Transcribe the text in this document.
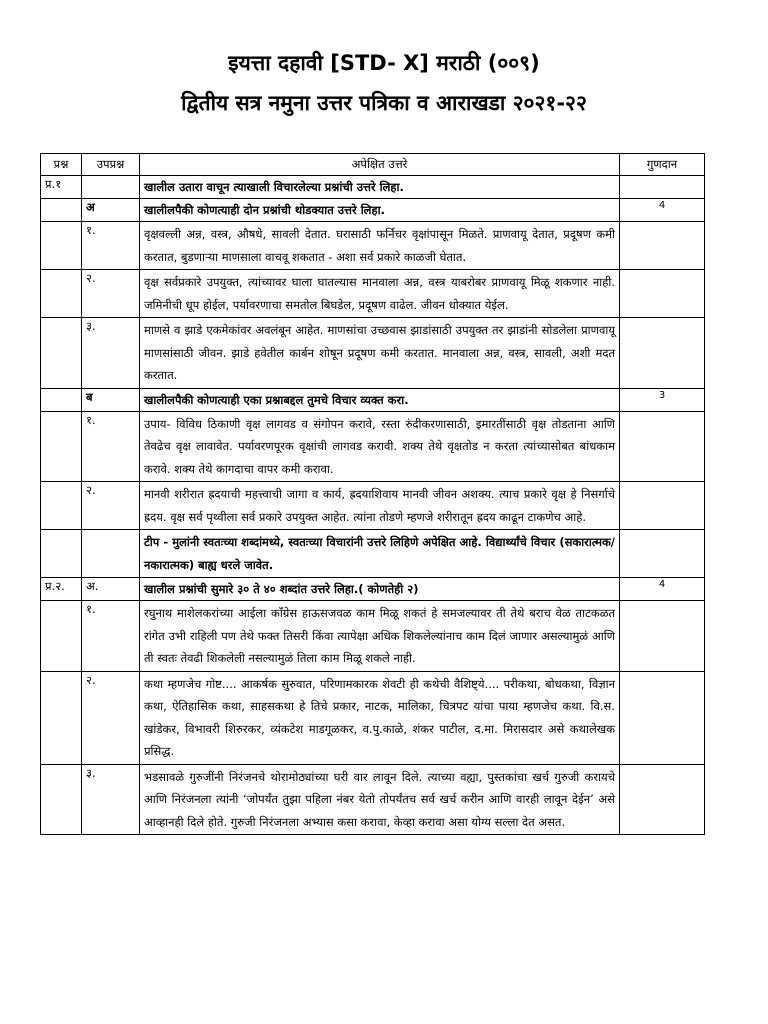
इयत्ता दहावी [STD- X] मराठी (००९)
द्वितीय सत्र नमुना उत्तर पत्रिका व आराखडा २०२१-२२
प्रश्न	उपप्रश्न	अपेक्षित उत्तरे	गुणदान
प्र.१		खालील उतारा वाचून त्याखाली विचारलेल्या प्रश्नांची उत्तरे लिहा.	
	अ	खालीलपैकी कोणत्याही दोन प्रश्नांची थोडक्यात उत्तरे लिहा.	4
	१.	वृक्षवल्ली अन्न, वस्त्र, औषधे, सावली देतात. घरासाठी फर्निचर वृक्षांपासून मिळते. प्राणवायू देतात, प्रदूषण कमी करतात, बुडणाऱ्या माणसाला वाचवू शकतात - अशा सर्व प्रकारे काळजी घेतात.	
	२.	वृक्ष सर्वप्रकारे उपयुक्त, त्यांच्यावर घाला घातल्यास मानवाला अन्न, वस्त्र याबरोबर प्राणवायू मिळू शकणार नाही. जमिनीची धूप होईल, पर्यावरणाचा समतोल बिघडेल, प्रदूषण वाढेल. जीवन धोक्यात येईल.	
	३.	माणसे व झाडे एकमेकांवर अवलंबून आहेत. माणसांचा उच्छवास झाडांसाठी उपयुक्त तर झाडांनी सोडलेला प्राणवायू माणसांसाठी जीवन. झाडे हवेतील कार्बन शोषून प्रदूषण कमी करतात. मानवाला अन्न, वस्त्र, सावली, अशी मदत करतात.	
	ब	खालीलपैकी कोणत्याही एका प्रश्नाबद्दल तुमचे विचार व्यक्त करा.	3
	१.	उपाय- विविध ठिकाणी वृक्ष लागवड व संगोपन करावे, रस्ता रुंदीकरणासाठी, इमारतींसाठी वृक्ष तोडताना आणि तेवढेच वृक्ष लावावेत. पर्यावरणपूरक वृक्षांची लागवड करावी. शक्य तेथे वृक्षतोड न करता त्यांच्यासोबत बांधकाम करावे. शक्य तेथे कागदाचा वापर कमी करावा.	
	२.	मानवी शरीरात ह्रदयाची महत्त्वाची जागा व कार्य, ह्रदयाशिवाय मानवी जीवन अशक्य. त्याच प्रकारे वृक्ष हे निसर्गाचे ह्रदय. वृक्ष सर्व पृथ्वीला सर्व प्रकारे उपयुक्त आहेत. त्यांना तोडणे म्हणजे शरीरातून ह्रदय काढून टाकणेच आहे.	
		टीप - मुलांनी स्वतःच्या शब्दांमध्ये, स्वतःच्या विचारांनी उत्तरे लिहिणे अपेक्षित आहे. विद्यार्थ्यांचे विचार (सकारात्मक/नकारात्मक) बाह्य धरले जावेत.	
प्र.२.	अ.	खालील प्रश्नांची सुमारे ३० ते ४० शब्दांत उत्तरे लिहा.( कोणतेही २)	4
	१.	रघुनाथ माशेलकरांच्या आईला कॉंग्रेस हाऊसजवळ काम मिळू शकतं हे समजल्यावर ती तेथे बराच वेळ ताटकळत रांगेत उभी राहिली पण तेथे फक्त तिसरी किंवा त्यापेक्षा अधिक शिकलेल्यांनाच काम दिलं जाणार असल्यामुळं आणि ती स्वतः तेवढी शिकलेली नसल्यामुळं तिला काम मिळू शकले नाही.	
	२.	कथा म्हणजेच गोष्ट.... आकर्षक सुरुवात, परिणामकारक शेवटी ही कथेची वैशिष्ट्ये.... परीकथा, बोधकथा, विज्ञान कथा, ऐतिहासिक कथा, साहसकथा हे तिचे प्रकार, नाटक, मालिका, चित्रपट यांचा पाया म्हणजेच कथा. वि.स. खांडेकर, विभावरी शिरुरकर, व्यंकटेश माडगूळकर, व.पु.काळे, शंकर पाटील, द.मा. मिरासदार असे कथालेखक प्रसिद्ध.	
	३.	भडसावळे गुरुजींनी निरंजनचे थोरामोठ्यांच्या घरी वार लावून दिले. त्याच्या वह्या, पुस्तकांचा खर्च गुरुजी करायचे आणि निरंजनला त्यांनी ‘जोपर्यंत तुझा पहिला नंबर येतो तोपर्यंतच सर्व खर्च करीन आणि वारही लावून देईन’ असे आव्हानही दिले होते. गुरुजी निरंजनला अभ्यास कसा करावा, केव्हा करावा असा योग्य सल्ला देत असत.	
